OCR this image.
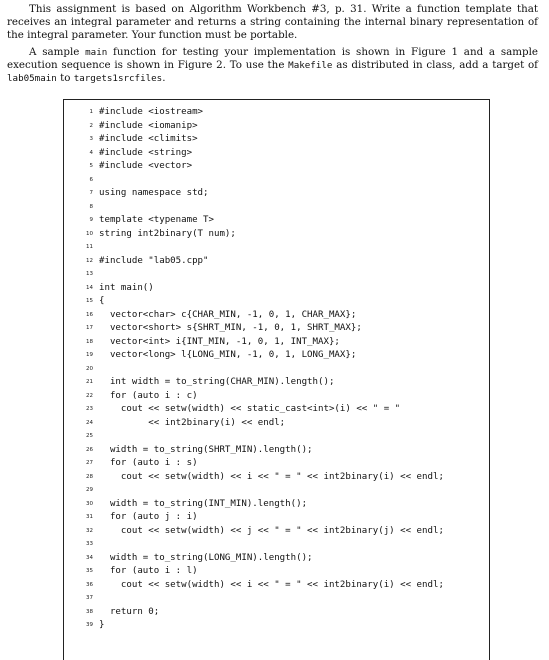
This assignment is based on Algorithm Workbench #3, p. 31. Write a function template that receives an integral parameter and returns a string containing the internal binary representation of the integral parameter. Your function must be portable.
A sample main function for testing your implementation is shown in Figure 1 and a sample execution sequence is shown in Figure 2. To use the Makefile as distributed in class, add a target of lab05main to targets1srcfiles.
1 #include <iostream>
2 #include <iomanip>
3 #include <climits>
4 #include <string>
5 #include <vector>
6
7 using namespace std;
8
9 template <typename T>
10 string int2binary(T num);
11
12 #include "lab05.cpp"
13
14 int main()
15 {
16 vector<char> c{CHAR_MIN, -1, 0, 1, CHAR_MAX};
17 vector<short> s{SHRT_MIN, -1, 0, 1, SHRT_MAX};
18 vector<int> i{INT_MIN, -1, 0, 1, INT_MAX};
19 vector<long> l{LONG_MIN, -1, 0, 1, LONG_MAX};
20
21 int width = to_string(CHAR_MIN).length();
22 for (auto i : c)
23 cout << setw(width) << static_cast<int>(i) << " = "
24 << int2binary(i) << endl;
25
26 width = to_string(SHRT_MIN).length();
27 for (auto i : s)
28 cout << setw(width) << i << " = " << int2binary(i) << endl;
29
30 width = to_string(INT_MIN).length();
31 for (auto j : i)
32 cout << setw(width) << j << " = " << int2binary(j) << endl;
33
34 width = to_string(LONG_MIN).length();
35 for (auto i : l)
36 cout << setw(width) << i << " = " << int2binary(i) << endl;
37
38 return 0;
39 }
